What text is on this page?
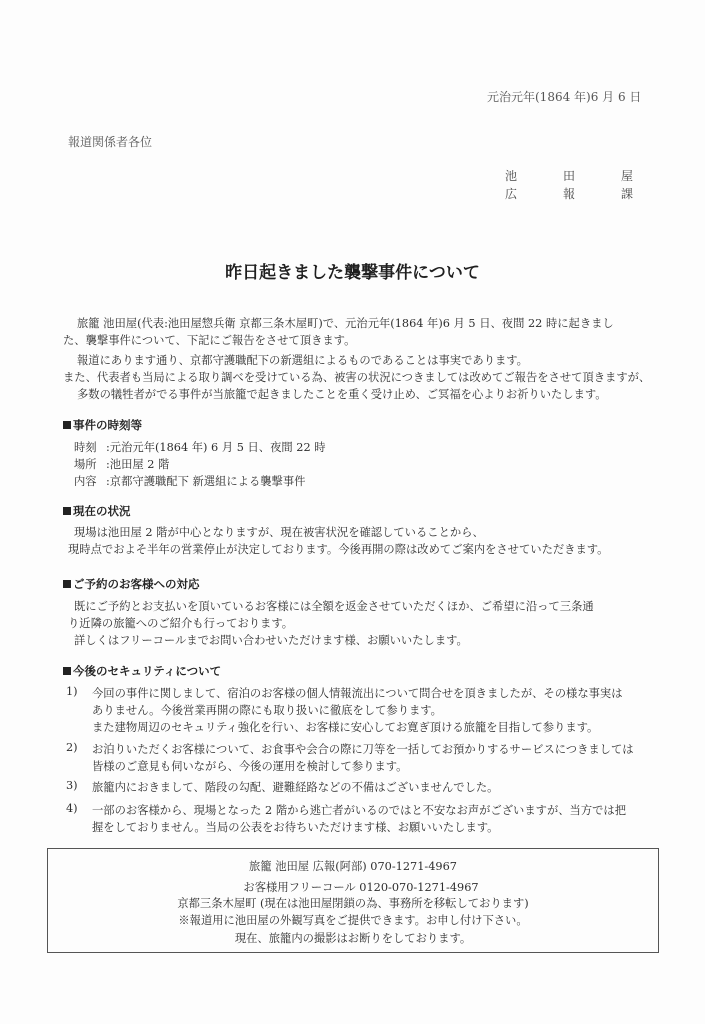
元治元年(1864 年)6 月 6 日
報道関係者各位
池	田	屋
広	報	課
昨日起きました襲撃事件について
旅籠 池田屋(代表:池田屋惣兵衛 京都三条木屋町)で、元治元年(1864 年)6 月 5 日、夜間 22 時に起きまし
た、襲撃事件について、下記にご報告をさせて頂きます。
報道にあります通り、京都守護職配下の新選組によるものであることは事実であります。
また、代表者も当局による取り調べを受けている為、被害の状況につきましては改めてご報告をさせて頂きますが、
多数の犠牲者がでる事件が当旅籠で起きましたことを重く受け止め、ご冥福を心よりお祈りいたします。
事件の時刻等
時刻 :元治元年(1864 年) 6 月 5 日、夜間 22 時
場所 :池田屋 2 階
内容 :京都守護職配下 新選組による襲撃事件
現在の状況
現場は池田屋 2 階が中心となりますが、現在被害状況を確認していることから、
現時点でおよそ半年の営業停止が決定しております。今後再開の際は改めてご案内をさせていただきます。
ご予約のお客様への対応
既にご予約とお支払いを頂いているお客様には全額を返金させていただくほか、ご希望に沿って三条通
り近隣の旅籠へのご紹介も行っております。
詳しくはフリーコールまでお問い合わせいただけます様、お願いいたします。
今後のセキュリティについて
1) 今回の事件に関しまして、宿泊のお客様の個人情報流出について問合せを頂きましたが、その様な事実は
ありません。今後営業再開の際にも取り扱いに徹底をして参ります。
また建物周辺のセキュリティ強化を行い、お客様に安心してお寛ぎ頂ける旅籠を目指して参ります。
2) お泊りいただくお客様について、お食事や会合の際に刀等を一括してお預かりするサービスにつきましては
皆様のご意見も伺いながら、今後の運用を検討して参ります。
3) 旅籠内におきまして、階段の勾配、避難経路などの不備はございませんでした。
4) 一部のお客様から、現場となった 2 階から逃亡者がいるのではと不安なお声がございますが、当方では把
握をしておりません。当局の公表をお待ちいただけます様、お願いいたします。
旅籠 池田屋 広報(阿部) 070-1271-4967
お客様用フリーコール 0120-070-1271-4967
京都三条木屋町 (現在は池田屋閉鎖の為、事務所を移転しております)
※報道用に池田屋の外観写真をご提供できます。お申し付け下さい。
現在、旅籠内の撮影はお断りをしております。
